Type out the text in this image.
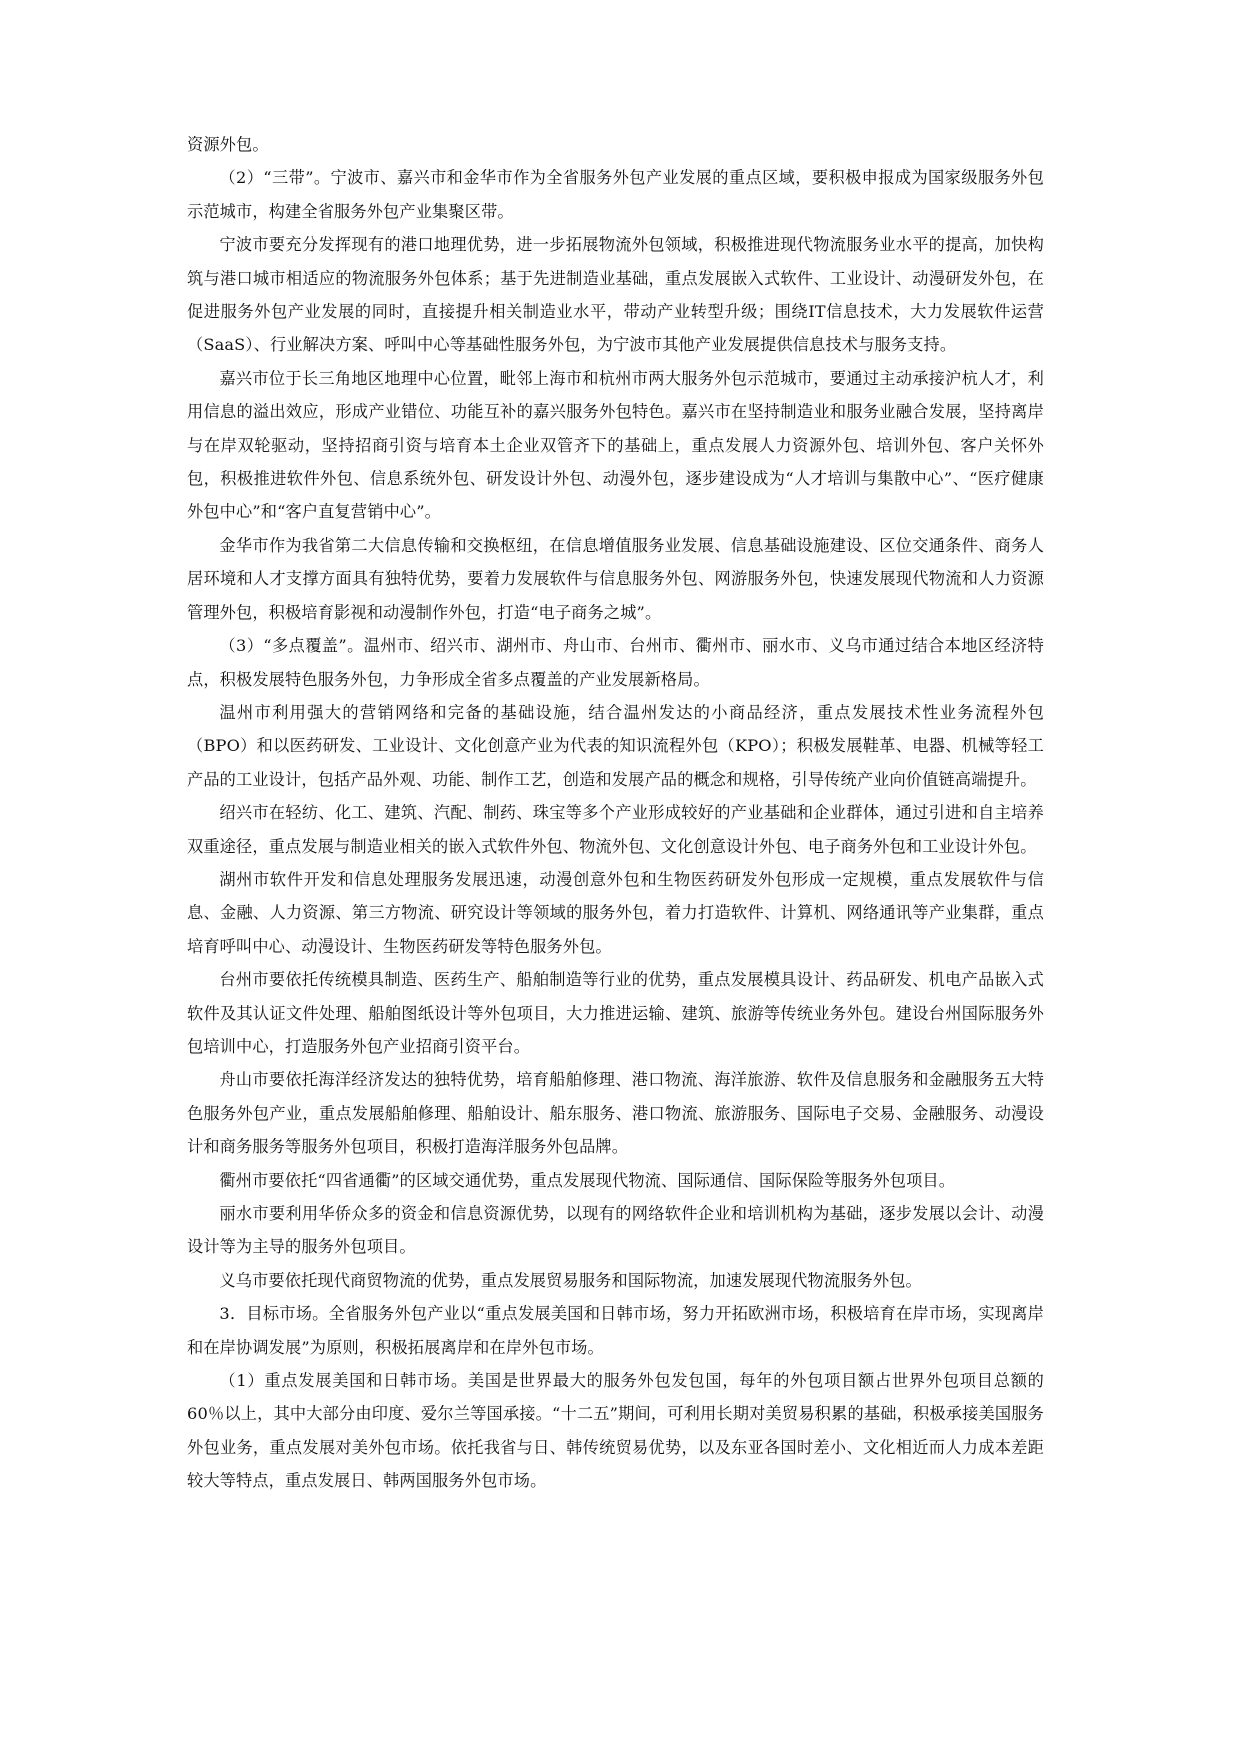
资源外包。

（2）“三带”。宁波市、嘉兴市和金华市作为全省服务外包产业发展的重点区域，要积极申报成为国家级服务外包示范城市，构建全省服务外包产业集聚区带。

宁波市要充分发挥现有的港口地理优势，进一步拓展物流外包领域，积极推进现代物流服务业水平的提高，加快构筑与港口城市相适应的物流服务外包体系；基于先进制造业基础，重点发展嵌入式软件、工业设计、动漫研发外包，在促进服务外包产业发展的同时，直接提升相关制造业水平，带动产业转型升级；围绕IT信息技术，大力发展软件运营（SaaS）、行业解决方案、呼叫中心等基础性服务外包，为宁波市其他产业发展提供信息技术与服务支持。

嘉兴市位于长三角地区地理中心位置，毗邻上海市和杭州市两大服务外包示范城市，要通过主动承接沪杭人才，利用信息的溢出效应，形成产业错位、功能互补的嘉兴服务外包特色。嘉兴市在坚持制造业和服务业融合发展，坚持离岸与在岸双轮驱动，坚持招商引资与培育本土企业双管齐下的基础上，重点发展人力资源外包、培训外包、客户关怀外包，积极推进软件外包、信息系统外包、研发设计外包、动漫外包，逐步建设成为“人才培训与集散中心”、“医疗健康外包中心”和“客户直复营销中心”。

金华市作为我省第二大信息传输和交换枢纽，在信息增值服务业发展、信息基础设施建设、区位交通条件、商务人居环境和人才支撑方面具有独特优势，要着力发展软件与信息服务外包、网游服务外包，快速发展现代物流和人力资源管理外包，积极培育影视和动漫制作外包，打造“电子商务之城”。

（3）“多点覆盖”。温州市、绍兴市、湖州市、舟山市、台州市、衢州市、丽水市、义乌市通过结合本地区经济特点，积极发展特色服务外包，力争形成全省多点覆盖的产业发展新格局。

温州市利用强大的营销网络和完备的基础设施，结合温州发达的小商品经济，重点发展技术性业务流程外包（BPO）和以医药研发、工业设计、文化创意产业为代表的知识流程外包（KPO）；积极发展鞋革、电器、机械等轻工产品的工业设计，包括产品外观、功能、制作工艺，创造和发展产品的概念和规格，引导传统产业向价值链高端提升。

绍兴市在轻纺、化工、建筑、汽配、制药、珠宝等多个产业形成较好的产业基础和企业群体，通过引进和自主培养双重途径，重点发展与制造业相关的嵌入式软件外包、物流外包、文化创意设计外包、电子商务外包和工业设计外包。

湖州市软件开发和信息处理服务发展迅速，动漫创意外包和生物医药研发外包形成一定规模，重点发展软件与信息、金融、人力资源、第三方物流、研究设计等领域的服务外包，着力打造软件、计算机、网络通讯等产业集群，重点培育呼叫中心、动漫设计、生物医药研发等特色服务外包。

台州市要依托传统模具制造、医药生产、船舶制造等行业的优势，重点发展模具设计、药品研发、机电产品嵌入式软件及其认证文件处理、船舶图纸设计等外包项目，大力推进运输、建筑、旅游等传统业务外包。建设台州国际服务外包培训中心，打造服务外包产业招商引资平台。

舟山市要依托海洋经济发达的独特优势，培育船舶修理、港口物流、海洋旅游、软件及信息服务和金融服务五大特色服务外包产业，重点发展船舶修理、船舶设计、船东服务、港口物流、旅游服务、国际电子交易、金融服务、动漫设计和商务服务等服务外包项目，积极打造海洋服务外包品牌。

衢州市要依托“四省通衢”的区域交通优势，重点发展现代物流、国际通信、国际保险等服务外包项目。

丽水市要利用华侨众多的资金和信息资源优势，以现有的网络软件企业和培训机构为基础，逐步发展以会计、动漫设计等为主导的服务外包项目。

义乌市要依托现代商贸物流的优势，重点发展贸易服务和国际物流，加速发展现代物流服务外包。

3．目标市场。全省服务外包产业以“重点发展美国和日韩市场，努力开拓欧洲市场，积极培育在岸市场，实现离岸和在岸协调发展”为原则，积极拓展离岸和在岸外包市场。

（1）重点发展美国和日韩市场。美国是世界最大的服务外包发包国，每年的外包项目额占世界外包项目总额的60％以上，其中大部分由印度、爱尔兰等国承接。“十二五”期间，可利用长期对美贸易积累的基础，积极承接美国服务外包业务，重点发展对美外包市场。依托我省与日、韩传统贸易优势，以及东亚各国时差小、文化相近而人力成本差距较大等特点，重点发展日、韩两国服务外包市场。
